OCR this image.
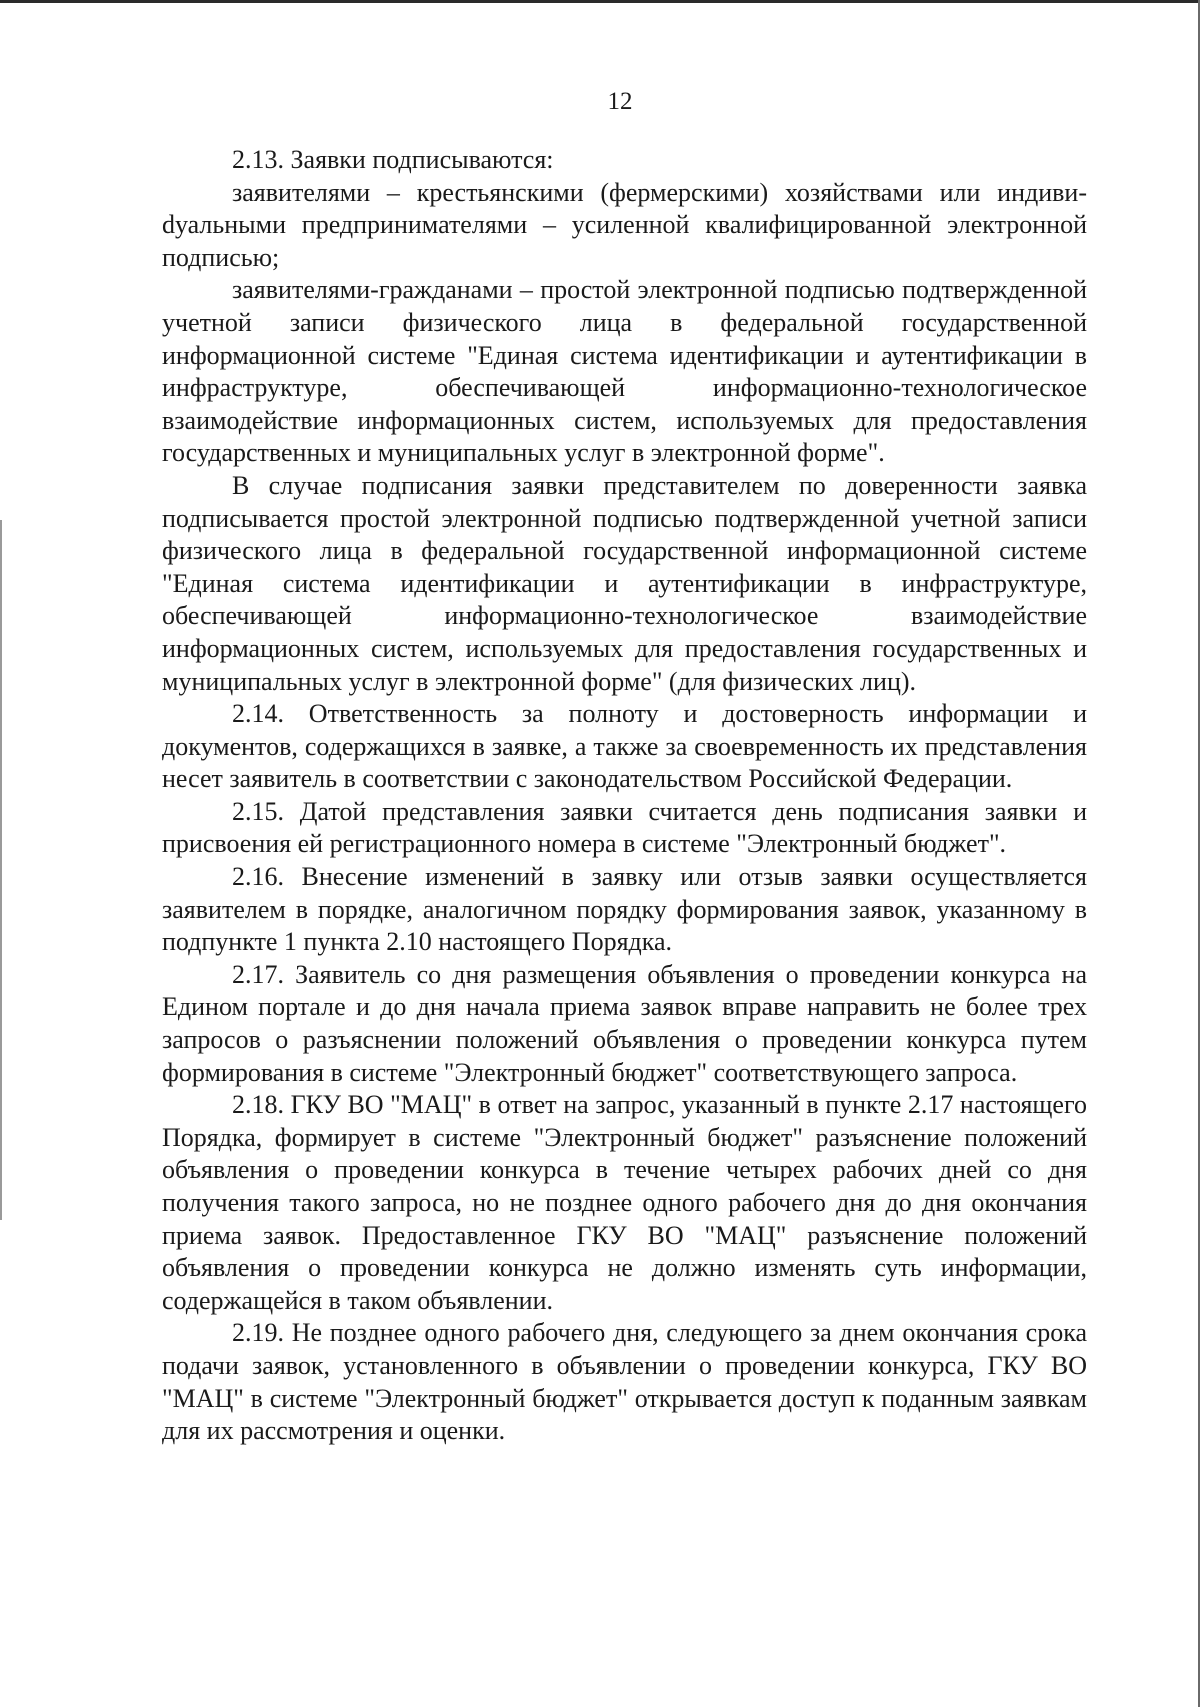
12

2.13. Заявки подписываются:

заявителями – крестьянскими (фермерскими) хозяйствами или индивиdуальными предпринимателями – усиленной квалифицированной электронной подписью;

заявителями-гражданами – простой электронной подписью подтвержденной учетной записи физического лица в федеральной государственной информационной системе "Единая система идентификации и аутентификации в инфраструктуре, обеспечивающей информационно-технологическое взаимодействие информационных систем, используемых для предоставления государственных и муниципальных услуг в электронной форме".

В случае подписания заявки представителем по доверенности заявка подписывается простой электронной подписью подтвержденной учетной записи физического лица в федеральной государственной информационной системе "Единая система идентификации и аутентификации в инфраструктуре, обеспечивающей информационно-технологическое взаимодействие информационных систем, используемых для предоставления государственных и муниципальных услуг в электронной форме" (для физических лиц).

2.14. Ответственность за полноту и достоверность информации и документов, содержащихся в заявке, а также за своевременность их представления несет заявитель в соответствии с законодательством Российской Федерации.

2.15. Датой представления заявки считается день подписания заявки и присвоения ей регистрационного номера в системе "Электронный бюджет".

2.16. Внесение изменений в заявку или отзыв заявки осуществляется заявителем в порядке, аналогичном порядку формирования заявок, указанному в подпункте 1 пункта 2.10 настоящего Порядка.

2.17. Заявитель со дня размещения объявления о проведении конкурса на Едином портале и до дня начала приема заявок вправе направить не более трех запросов о разъяснении положений объявления о проведении конкурса путем формирования в системе "Электронный бюджет" соответствующего запроса.

2.18. ГКУ ВО "МАЦ" в ответ на запрос, указанный в пункте 2.17 настоящего Порядка, формирует в системе "Электронный бюджет" разъяснение положений объявления о проведении конкурса в течение четырех рабочих дней со дня получения такого запроса, но не позднее одного рабочего дня до дня окончания приема заявок. Предоставленное ГКУ ВО "МАЦ" разъяснение положений объявления о проведении конкурса не должно изменять суть информации, содержащейся в таком объявлении.

2.19. Не позднее одного рабочего дня, следующего за днем окончания срока подачи заявок, установленного в объявлении о проведении конкурса, ГКУ ВО "МАЦ" в системе "Электронный бюджет" открывается доступ к поданным заявкам для их рассмотрения и оценки.
